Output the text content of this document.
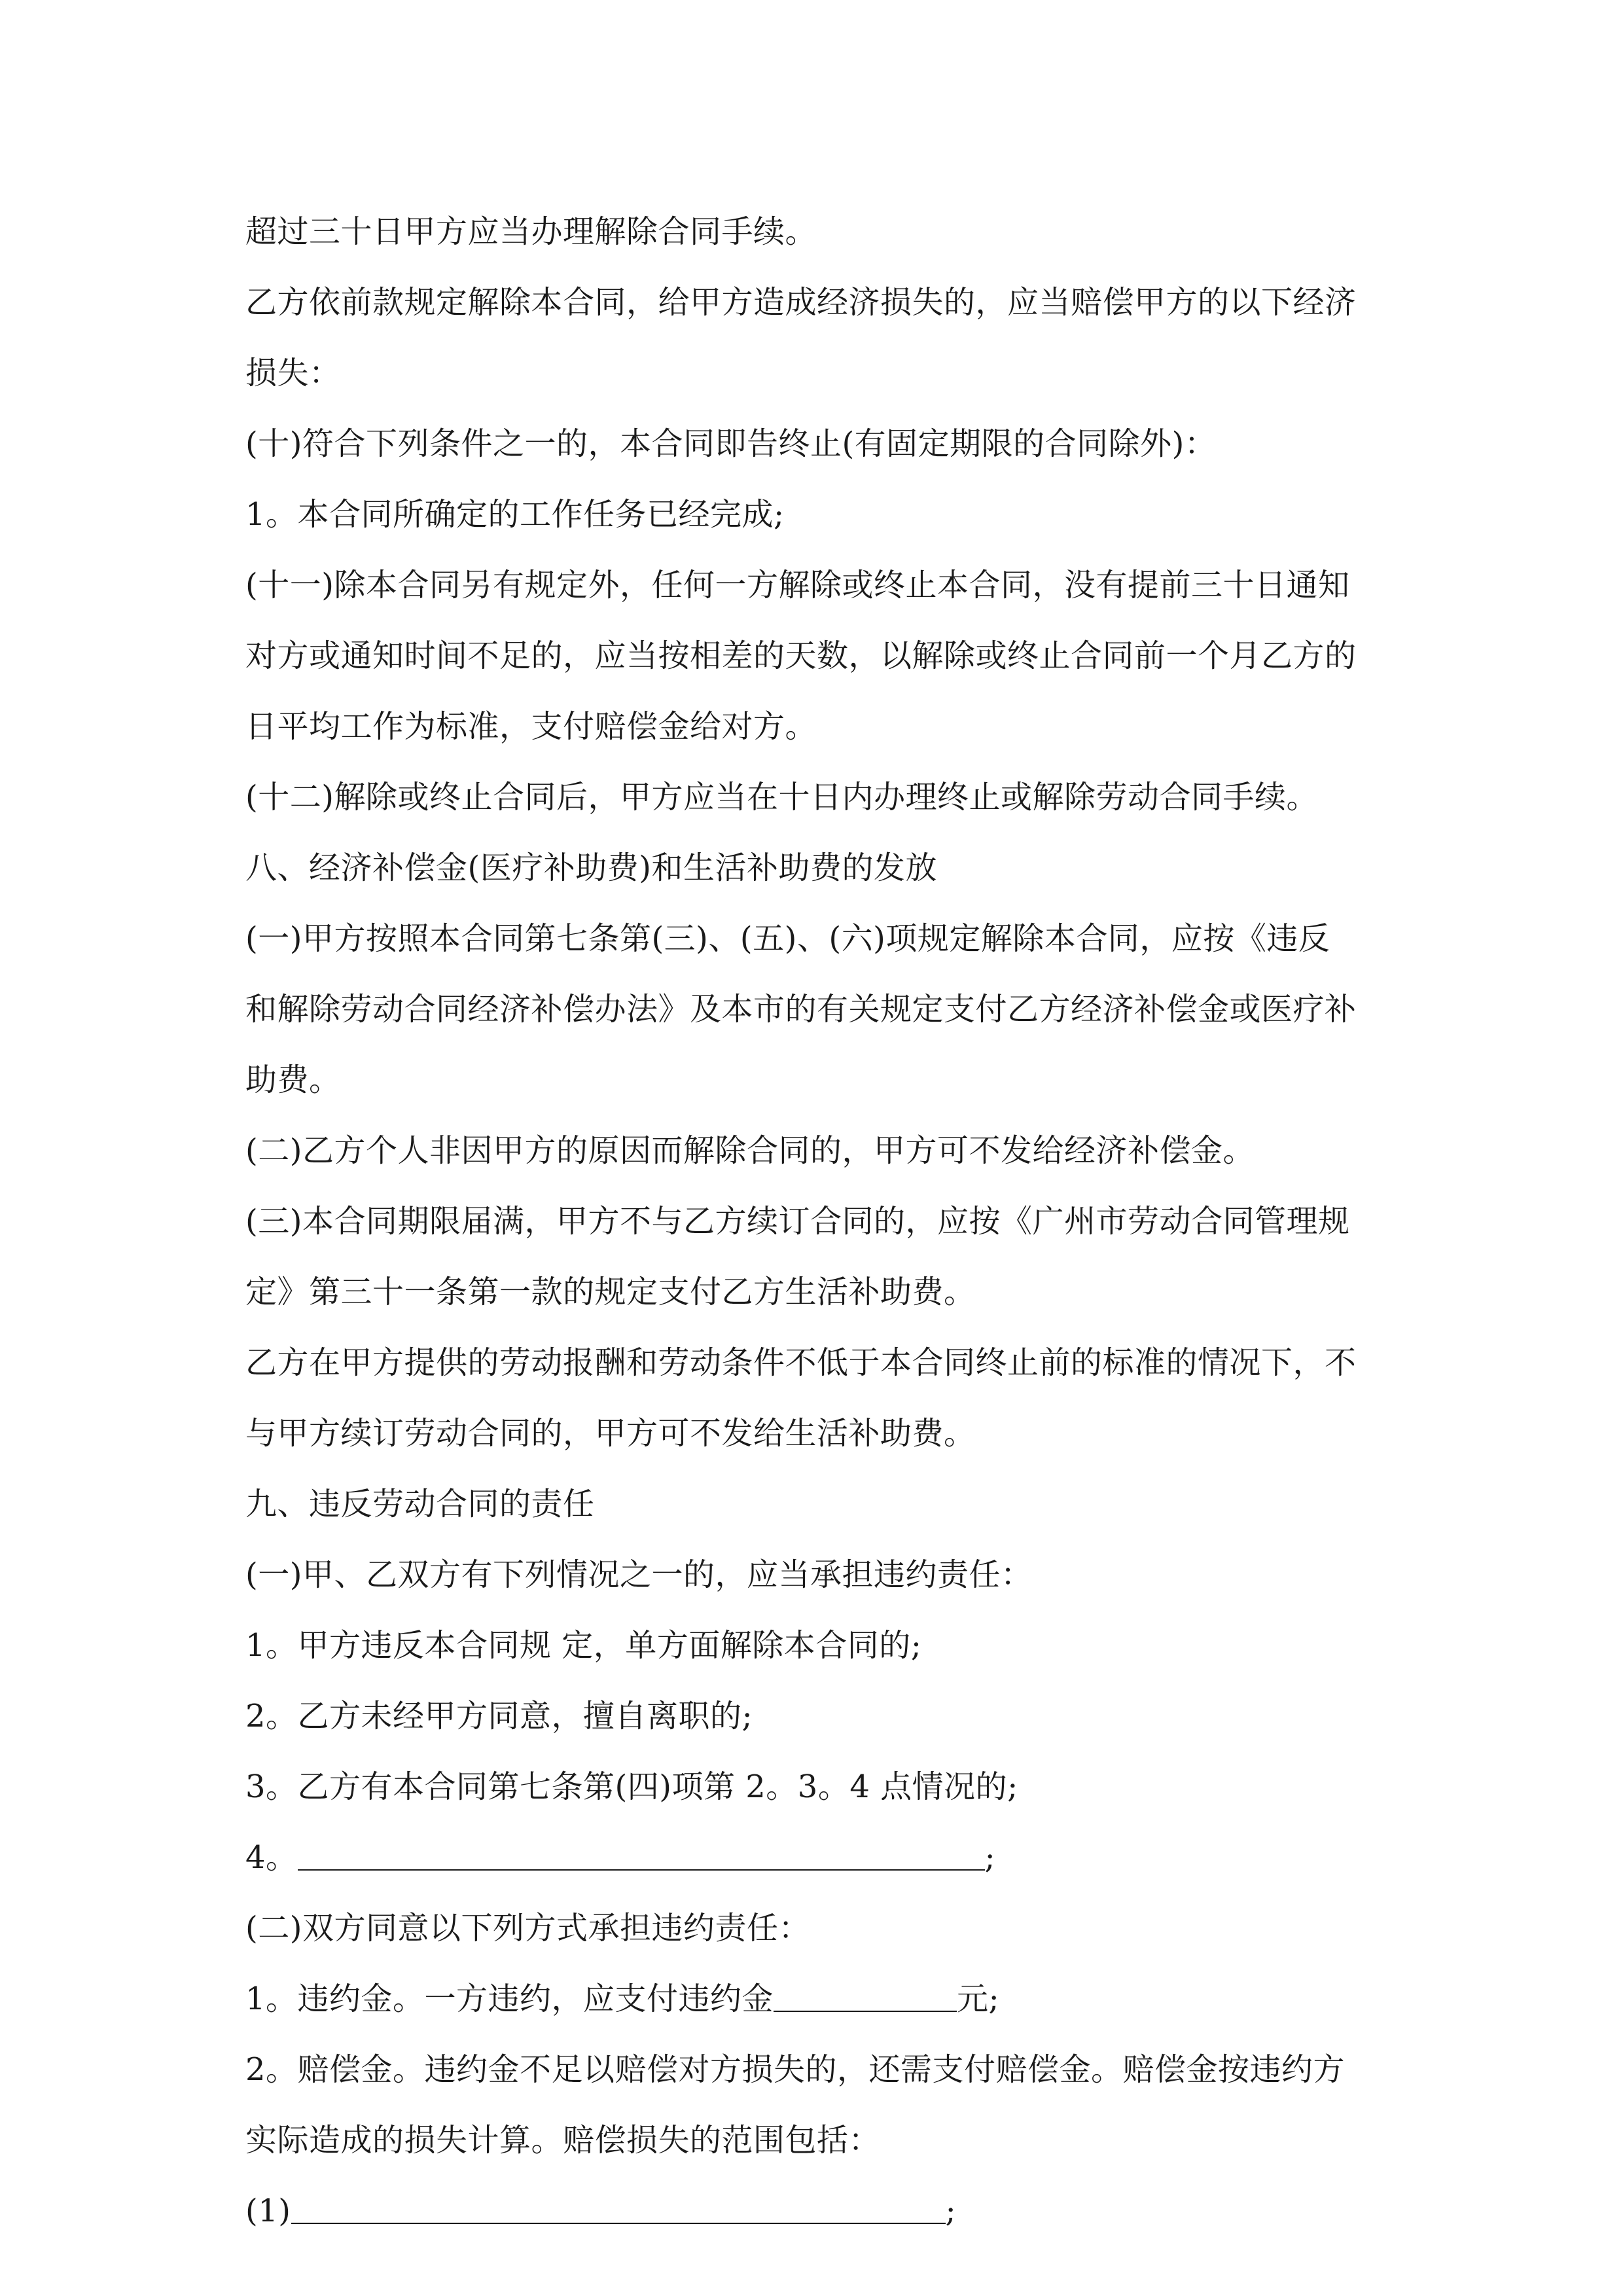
超过三十日甲方应当办理解除合同手续。
乙方依前款规定解除本合同，给甲方造成经济损失的，应当赔偿甲方的以下经济
损失：
(十)符合下列条件之一的，本合同即告终止(有固定期限的合同除外)：
1。本合同所确定的工作任务已经完成;
(十一)除本合同另有规定外，任何一方解除或终止本合同，没有提前三十日通知
对方或通知时间不足的，应当按相差的天数，以解除或终止合同前一个月乙方的
日平均工作为标准，支付赔偿金给对方。
(十二)解除或终止合同后，甲方应当在十日内办理终止或解除劳动合同手续。
八、经济补偿金(医疗补助费)和生活补助费的发放
(一)甲方按照本合同第七条第(三)、(五)、(六)项规定解除本合同，应按《违反
和解除劳动合同经济补偿办法》及本市的有关规定支付乙方经济补偿金或医疗补
助费。
(二)乙方个人非因甲方的原因而解除合同的，甲方可不发给经济补偿金。
(三)本合同期限届满，甲方不与乙方续订合同的，应按《广州市劳动合同管理规
定》第三十一条第一款的规定支付乙方生活补助费。
乙方在甲方提供的劳动报酬和劳动条件不低于本合同终止前的标准的情况下，不
与甲方续订劳动合同的，甲方可不发给生活补助费。
九、违反劳动合同的责任
(一)甲、乙双方有下列情况之一的，应当承担违约责任：
1。甲方违反本合同规 定，单方面解除本合同的;
2。乙方未经甲方同意，擅自离职的;
3。乙方有本合同第七条第(四)项第 2。3。4 点情况的;
4。	;
(二)双方同意以下列方式承担违约责任：
1。违约金。一方违约，应支付违约金	元;
2。赔偿金。违约金不足以赔偿对方损失的，还需支付赔偿金。赔偿金按违约方
实际造成的损失计算。赔偿损失的范围包括：
(1)	;
